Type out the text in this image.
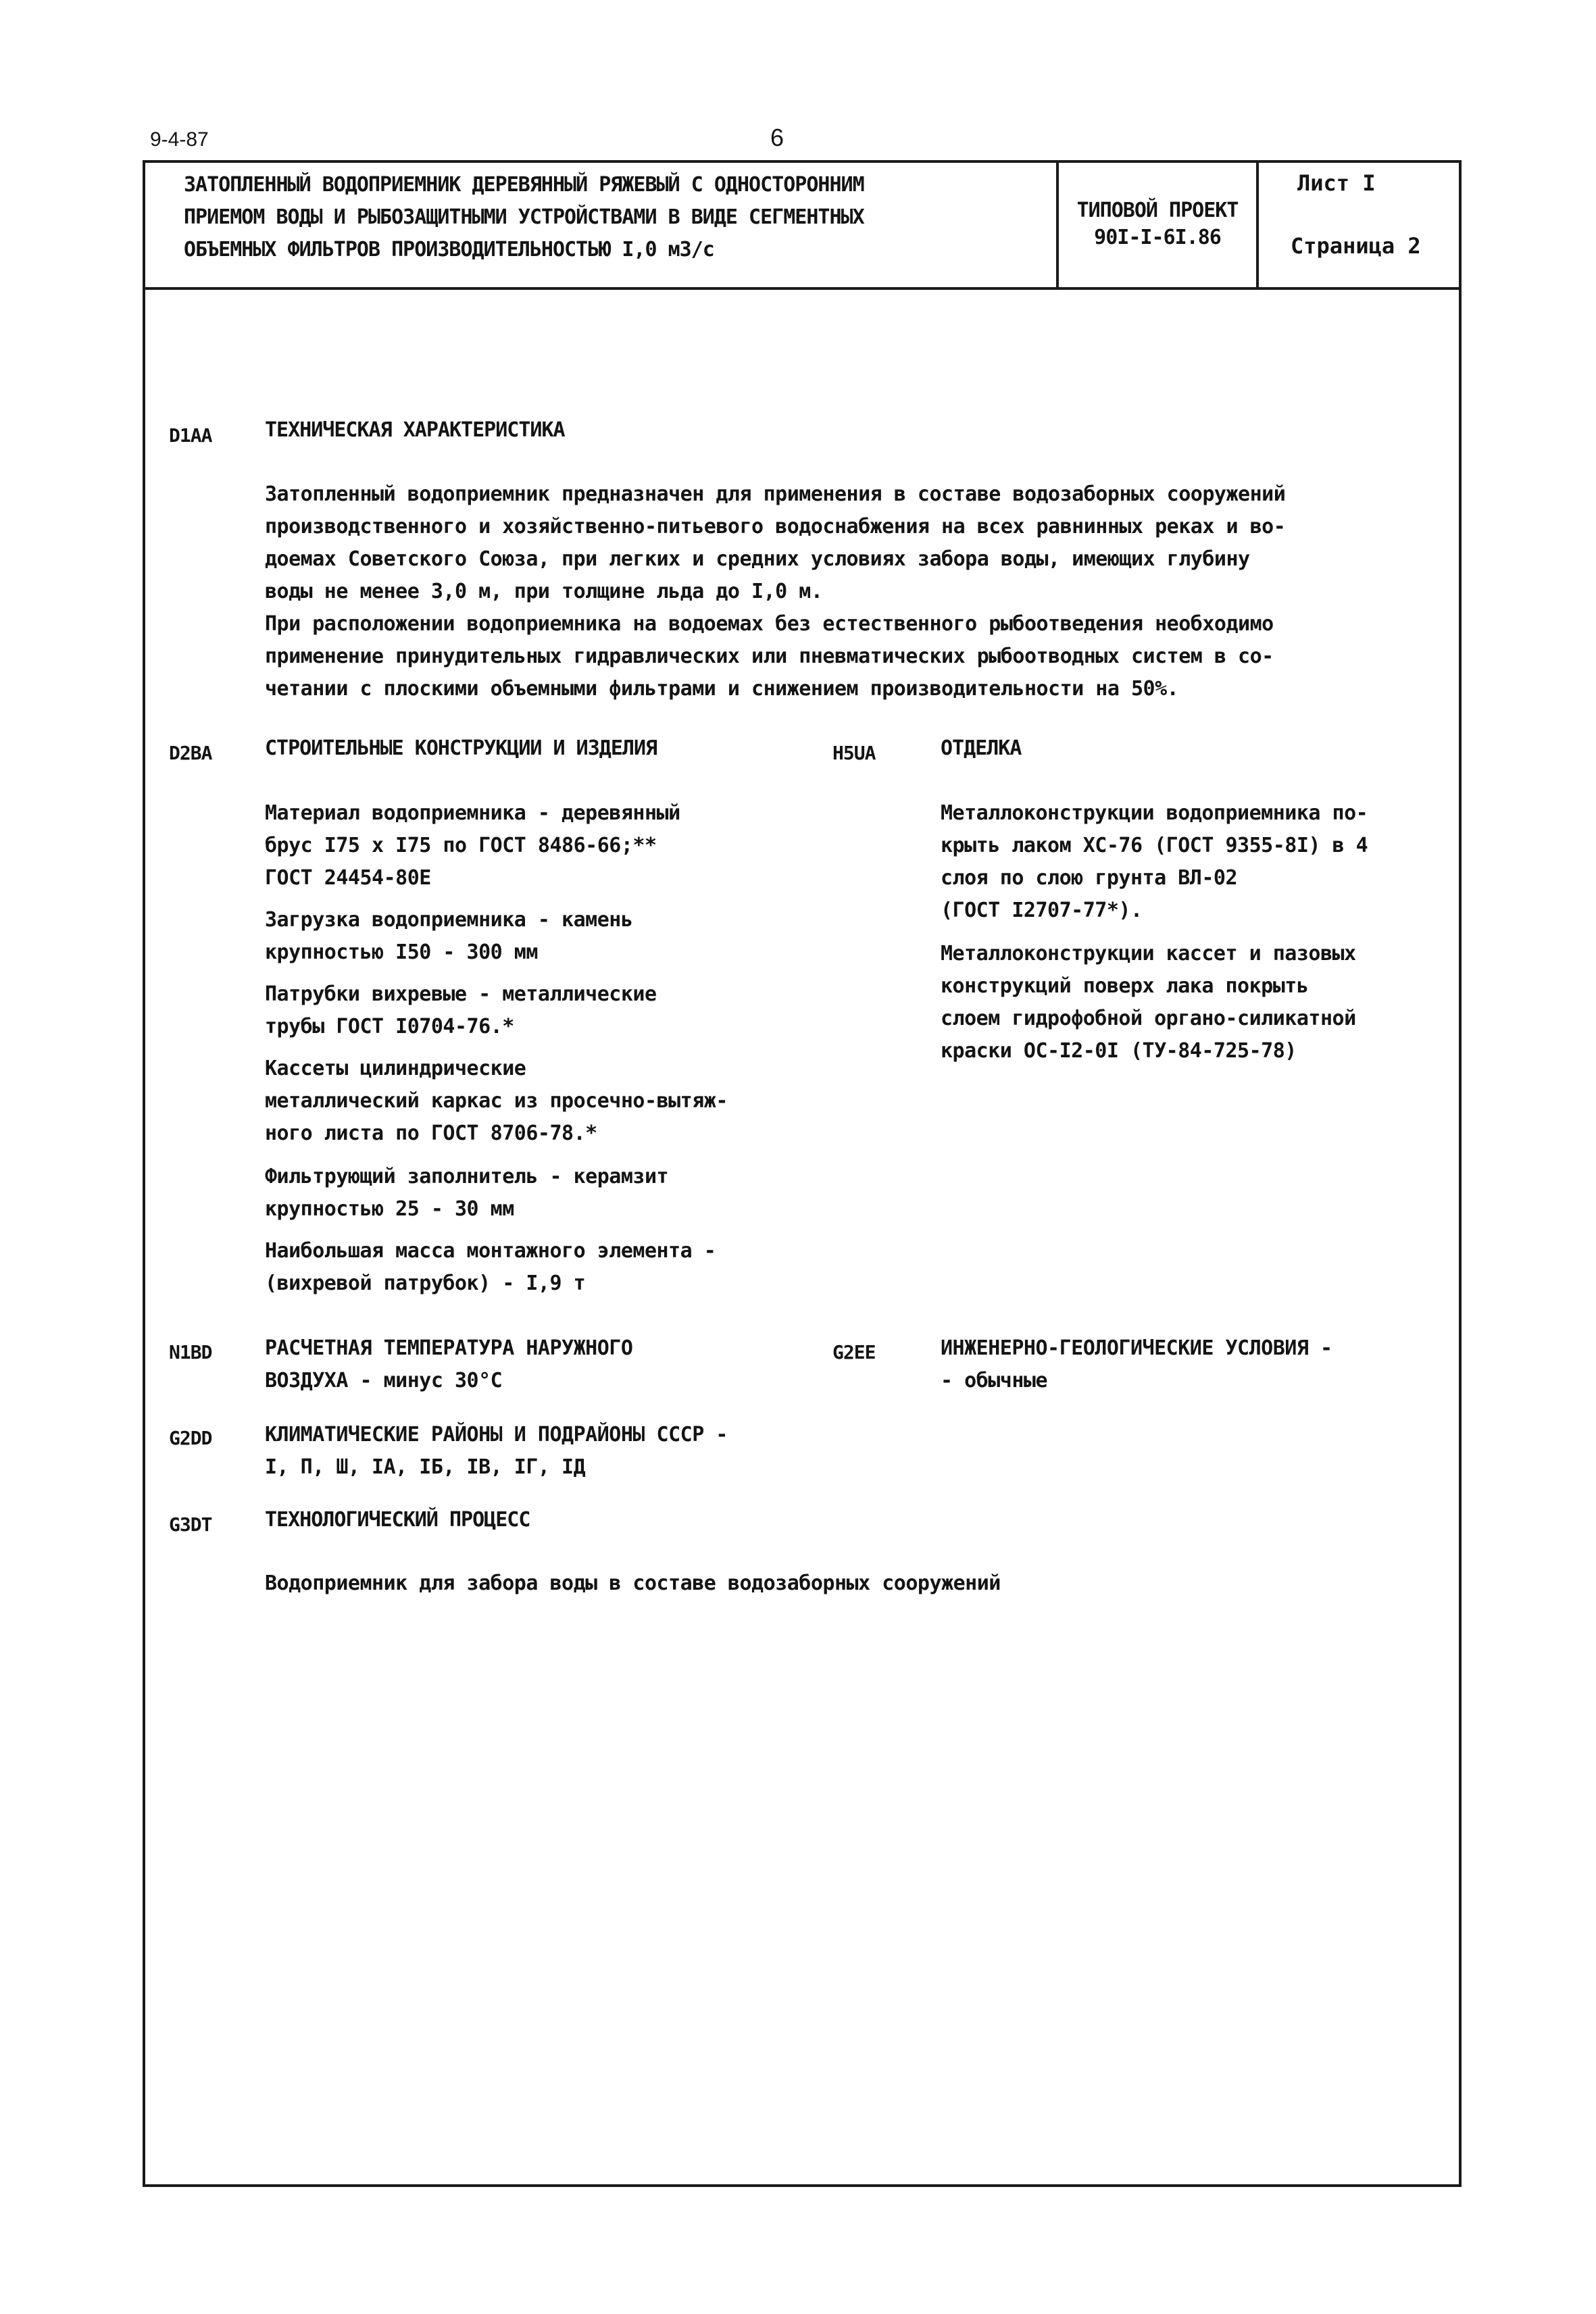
9-4-87	6
ЗАТОПЛЕННЫЙ ВОДОПРИЕМНИК ДЕРЕВЯННЫЙ РЯЖЕВЫЙ С ОДНОСТОРОННИМ
ПРИЕМОМ ВОДЫ И РЫБОЗАЩИТНЫМИ УСТРОЙСТВАМИ В ВИДЕ СЕГМЕНТНЫХ
ОБЪЕМНЫХ ФИЛЬТРОВ ПРОИЗВОДИТЕЛЬНОСТЬЮ I,0 м3/с
ТИПОВОЙ ПРОЕКТ
90I-I-6I.86
Лист I
Страница 2
D1AA	ТЕХНИЧЕСКАЯ ХАРАКТЕРИСТИКА
Затопленный водоприемник предназначен для применения в составе водозаборных сооружений
производственного и хозяйственно-питьевого водоснабжения на всех равнинных реках и во-
доемах Советского Союза, при легких и средних условиях забора воды, имеющих глубину
воды не менее 3,0 м, при толщине льда до I,0 м.
При расположении водоприемника на водоемах без естественного рыбоотведения необходимо
применение принудительных гидравлических или пневматических рыбоотводных систем в со-
четании с плоскими объемными фильтрами и снижением производительности на 50%.
D2BA	СТРОИТЕЛЬНЫЕ КОНСТРУКЦИИ И ИЗДЕЛИЯ
Материал водоприемника - деревянный
брус I75 х I75 по ГОСТ 8486-66;**
ГОСТ 24454-80Е
Загрузка водоприемника - камень
крупностью I50 - 300 мм
Патрубки вихревые - металлические
трубы ГОСТ I0704-76.*
Кассеты цилиндрические
металлический каркас из просечно-вытяж-
ного листа по ГОСТ 8706-78.*
Фильтрующий заполнитель - керамзит
крупностью 25 - 30 мм
Наибольшая масса монтажного элемента -
(вихревой патрубок) - I,9 т
H5UA	ОТДЕЛКА
Металлоконструкции водоприемника по-
крыть лаком ХС-76 (ГОСТ 9355-8I) в 4
слоя по слою грунта ВЛ-02
(ГОСТ I2707-77*).
Металлоконструкции кассет и пазовых
конструкций поверх лака покрыть
слоем гидрофобной органо-силикатной
краски ОС-I2-0I (ТУ-84-725-78)
N1BD	РАСЧЕТНАЯ ТЕМПЕРАТУРА НАРУЖНОГО
ВОЗДУХА - минус 30°С
G2EE	ИНЖЕНЕРНО-ГЕОЛОГИЧЕСКИЕ УСЛОВИЯ -
- обычные
G2DD	КЛИМАТИЧЕСКИЕ РАЙОНЫ И ПОДРАЙОНЫ СССР -
I, П, Ш, IА, IБ, IВ, IГ, IД
G3DT	ТЕХНОЛОГИЧЕСКИЙ ПРОЦЕСС
Водоприемник для забора воды в составе водозаборных сооружений
